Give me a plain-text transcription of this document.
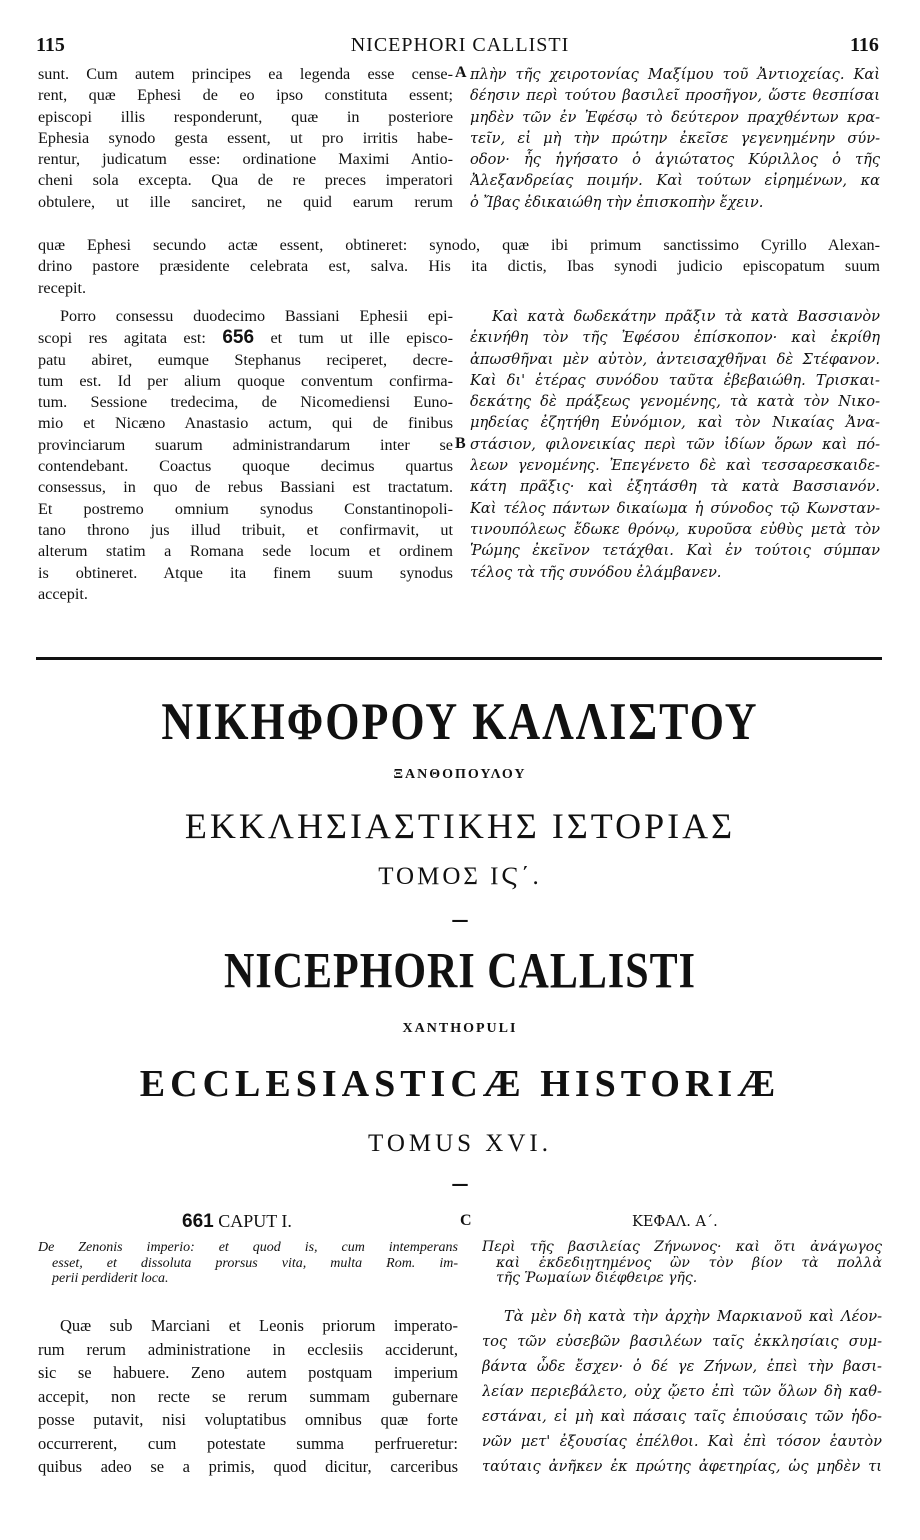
115	NICEPHORI CALLISTI	116
sunt. Cum autem principes ea legenda esse cense-
rent, quæ Ephesi de eo ipso constituta essent;
episcopi illis responderunt, quæ in posteriore
Ephesia synodo gesta essent, ut pro irritis habe-
rentur, judicatum esse: ordinatione Maximi Antio-
cheni sola excepta. Qua de re preces imperatori
obtulere, ut ille sanciret, ne quid earum rerum
A πλὴν τῆς χειροτονίας Μαξίμου τοῦ Ἀντιοχείας. Καὶ
δέησιν περὶ τούτου βασιλεῖ προσῆγον, ὥστε θεσπίσαι
μηδὲν τῶν ἐν Ἐφέσῳ τὸ δεύτερον πραχθέντων κρα-
τεῖν, εἰ μὴ τὴν πρώτην ἐκεῖσε γεγενημένην σύν-
οδον· ἧς ἡγήσατο ὁ ἁγιώτατος Κύριλλος ὁ τῆς
Ἀλεξανδρείας ποιμήν. Καὶ τούτων εἰρημένων, κα
ὁ Ἴβας ἐδικαιώθη τὴν ἐπισκοπὴν ἔχειν.
quæ Ephesi secundo actæ essent, obtineret: synodo, quæ ibi primum sanctissimo Cyrillo Alexan-
drino pastore præsidente celebrata est, salva. His ita dictis, Ibas synodi judicio episcopatum suum
recepit.
Porro consessu duodecimo Bassiani Ephesii epi-
scopi res agitata est: 656 et tum ut ille episco-
patu abiret, eumque Stephanus reciperet, decre-
tum est. Id per alium quoque conventum confirma-
tum. Sessione tredecima, de Nicomediensi Euno-
mio et Nicæno Anastasio actum, qui de finibus
provinciarum suarum administrandarum inter se
contendebant. Coactus quoque decimus quartus
consessus, in quo de rebus Bassiani est tractatum.
Et postremo omnium synodus Constantinopoli-
tano throno jus illud tribuit, et confirmavit, ut
alterum statim a Romana sede locum et ordinem
is obtineret. Atque ita finem suum synodus
accepit.
B
Καὶ κατὰ δωδεκάτην πρᾶξιν τὰ κατὰ Βασσιανὸν
ἐκινήθη τὸν τῆς Ἐφέσου ἐπίσκοπον· καὶ ἐκρίθη
ἀπωσθῆναι μὲν αὐτὸν, ἀντεισαχθῆναι δὲ Στέφανον.
Καὶ δι' ἑτέρας συνόδου ταῦτα ἐβεβαιώθη. Τρισκαι-
δεκάτης δὲ πράξεως γενομένης, τὰ κατὰ τὸν Νικο-
μηδείας ἐζητήθη Εὐνόμιον, καὶ τὸν Νικαίας Ἀνα-
στάσιον, φιλονεικίας περὶ τῶν ἰδίων ὅρων καὶ πό-
λεων γενομένης. Ἐπεγένετο δὲ καὶ τεσσαρεσκαιδε-
κάτη πρᾶξις· καὶ ἐξητάσθη τὰ κατὰ Βασσιανόν.
Καὶ τέλος πάντων δικαίωμα ἡ σύνοδος τῷ Κωνσταν-
τινουπόλεως ἔδωκε θρόνῳ, κυροῦσα εὐθὺς μετὰ τὸν
Ῥώμης ἐκεῖνον τετάχθαι. Καὶ ἐν τούτοις σύμπαν
τέλος τὰ τῆς συνόδου ἐλάμβανεν.
ΝΙΚΗΦΟΡΟΥ ΚΑΛΛΙΣΤΟΥ
ΞΑΝΘΟΠΟΥΛΟΥ
ΕΚΚΛΗΣΙΑΣΤΙΚΗΣ ΙΣΤΟΡΙΑΣ
ΤΟΜΟΣ ΙϚ΄.
–
NICEPHORI CALLISTI
XANTHOPULI
ECCLESIASTICÆ HISTORIÆ
TOMUS XVI.
–
661 CAPUT I.	C	ΚΕΦΑΛ. Α΄.
De Zenonis imperio: et quod is, cum intemperans
esset, et dissoluta prorsus vita, multa Rom. im-
perii perdiderit loca.
Περὶ τῆς βασιλείας Ζήνωνος· καὶ ὅτι ἀνάγωγος
καὶ ἐκδεδιῃτημένος ὢν τὸν βίον τὰ πολλὰ
τῆς Ῥωμαίων διέφθειρε γῆς.
Quæ sub Marciani et Leonis priorum imperato-
rum rerum administratione in ecclesiis acciderunt,
sic se habuere. Zeno autem postquam imperium
accepit, non recte se rerum summam gubernare
posse putavit, nisi voluptatibus omnibus quæ forte
occurrerent, cum potestate summa perfrueretur:
quibus adeo se a primis, quod dicitur, carceribus
Τὰ μὲν δὴ κατὰ τὴν ἀρχὴν Μαρκιανοῦ καὶ Λέον-
τος τῶν εὐσεβῶν βασιλέων ταῖς ἐκκλησίαις συμ-
βάντα ὧδε ἔσχεν· ὁ δέ γε Ζήνων, ἐπεὶ τὴν βασι-
λείαν περιεβάλετο, οὐχ ᾤετο ἐπὶ τῶν ὅλων δὴ καθ-
εστάναι, εἰ μὴ καὶ πάσαις ταῖς ἐπιούσαις τῶν ἡδο-
νῶν μετ' ἐξουσίας ἐπέλθοι. Καὶ ἐπὶ τόσον ἑαυτὸν
ταύταις ἀνῆκεν ἐκ πρώτης ἀφετηρίας, ὡς μηδὲν τι
